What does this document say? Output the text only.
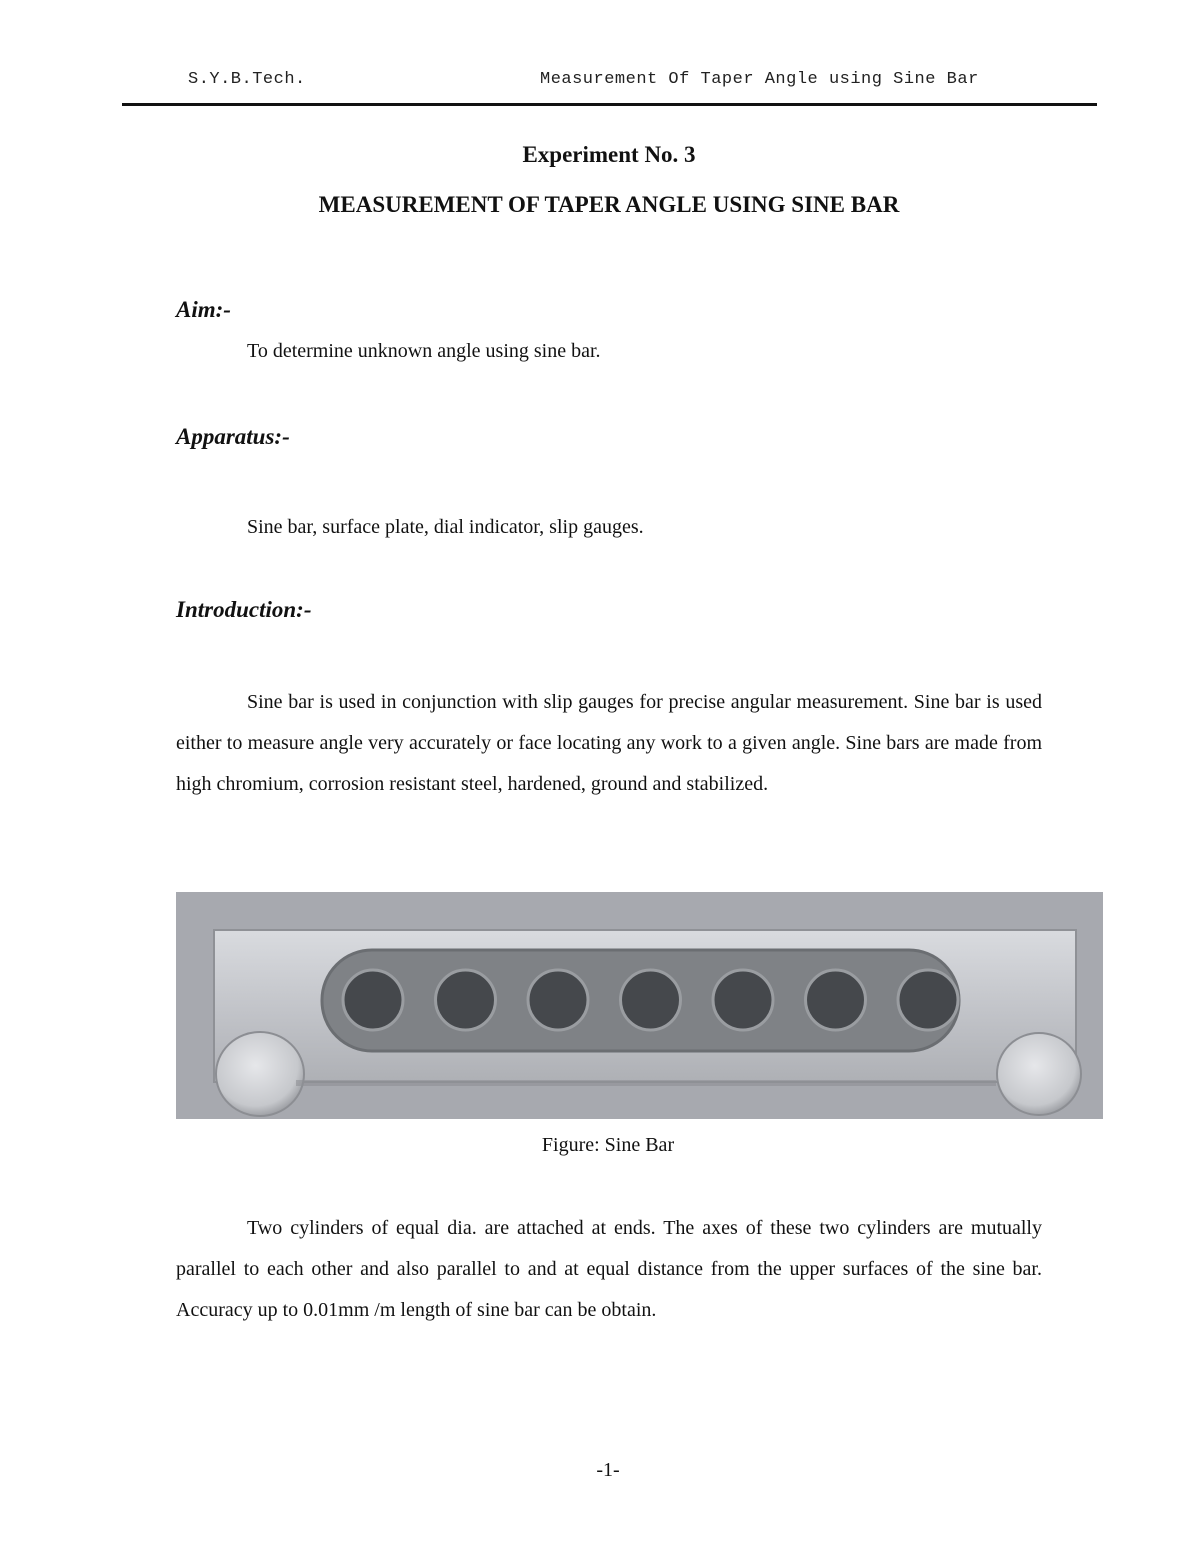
S.Y.B.Tech.	Measurement Of Taper Angle using Sine Bar
Experiment No. 3
MEASUREMENT OF TAPER ANGLE USING SINE BAR
Aim:-
To determine unknown angle using sine bar.
Apparatus:-
Sine bar, surface plate, dial indicator, slip gauges.
Introduction:-
Sine bar is used in conjunction with slip gauges for precise angular measurement. Sine bar is used either to measure angle very accurately or face locating any work to a given angle. Sine bars are made from high chromium, corrosion resistant steel, hardened, ground and stabilized.
Figure: Sine Bar
Two cylinders of equal dia. are attached at ends. The axes of these two cylinders are mutually parallel to each other and also parallel to and at equal distance from the upper surfaces of the sine bar. Accuracy up to 0.01mm /m length of sine bar can be obtain.
-1-
